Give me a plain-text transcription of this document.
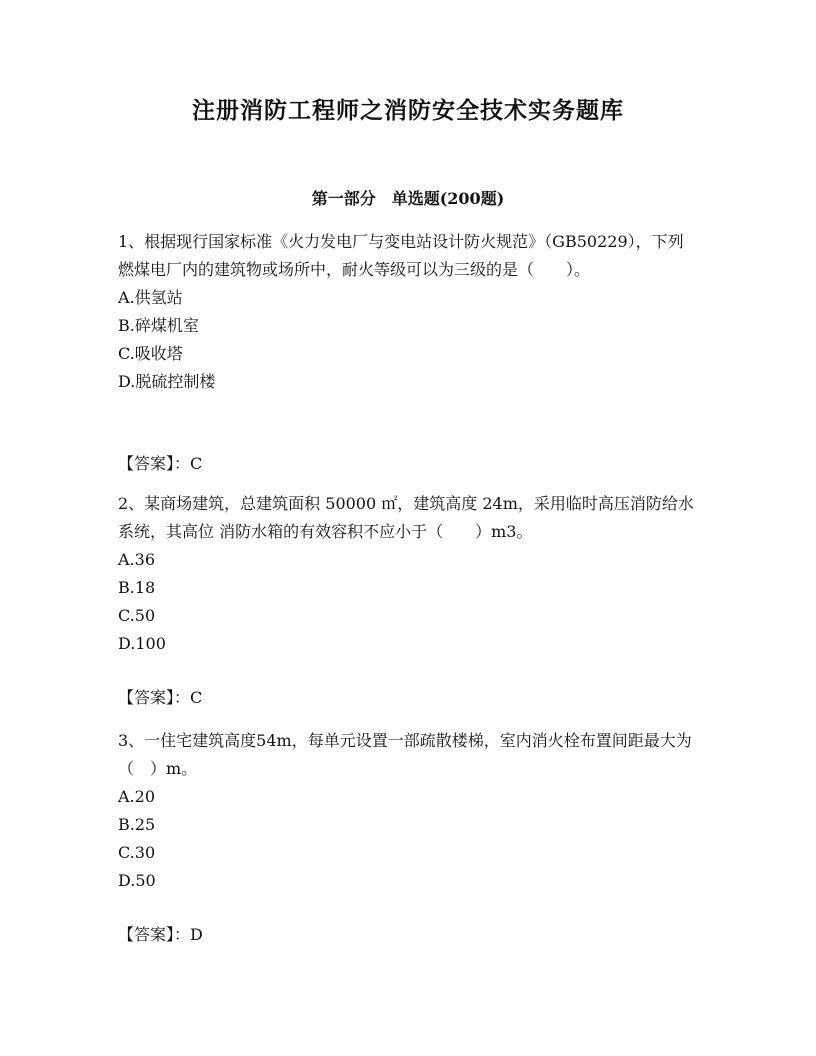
注册消防工程师之消防安全技术实务题库
第一部分　单选题(200题)

1、根据现行国家标准《火力发电厂与变电站设计防火规范》（GB50229），下列燃煤电厂内的建筑物或场所中，耐火等级可以为三级的是（　　）。

A.供氢站

B.碎煤机室

C.吸收塔

D.脱硫控制楼

【答案】：C

2、某商场建筑，总建筑面积 50000 ㎡，建筑高度 24m，采用临时高压消防给水系统，其高位 消防水箱的有效容积不应小于（　　）m3。

A.36

B.18

C.50

D.100

【答案】：C

3、一住宅建筑高度54m，每单元设置一部疏散楼梯，室内消火栓布置间距最大为（　）m。

A.20

B.25

C.30

D.50

【答案】：D
